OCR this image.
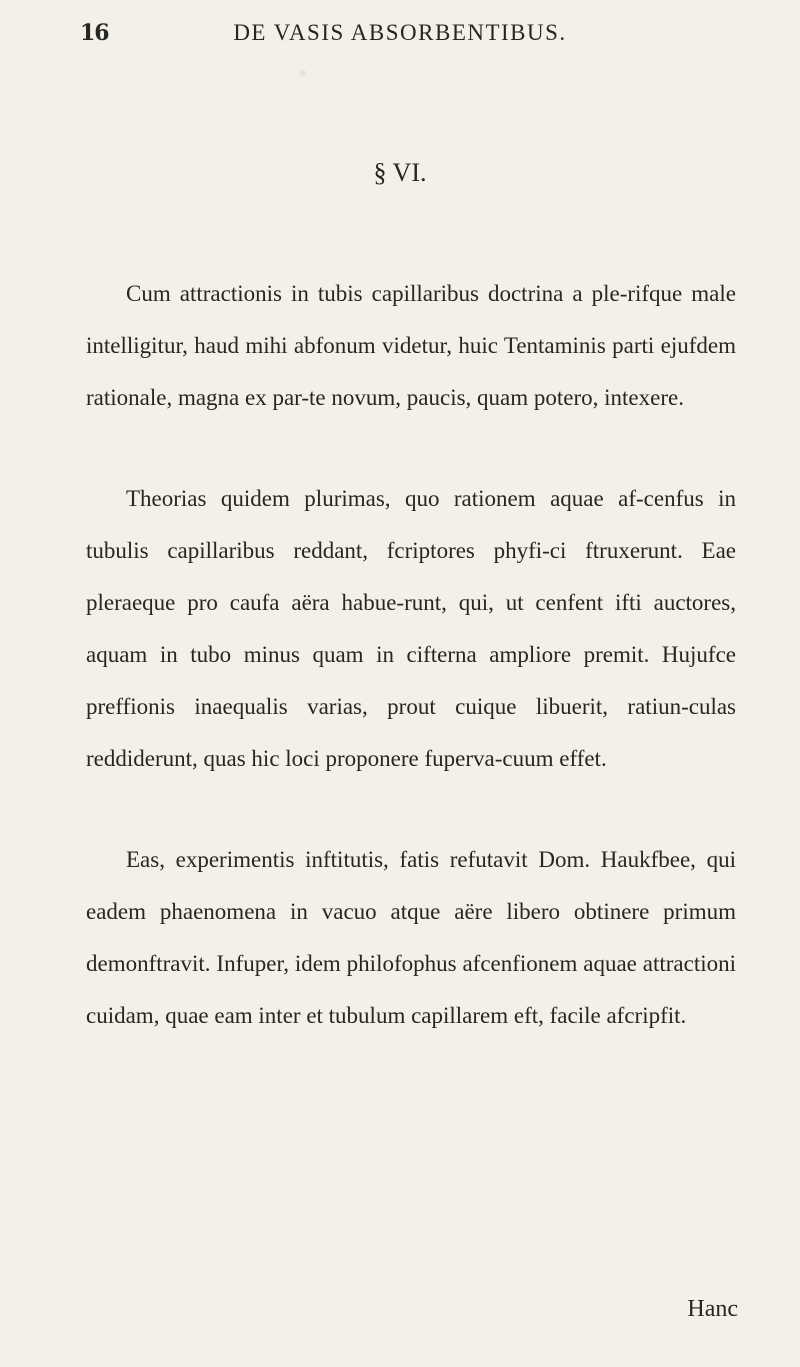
16	DE VASIS ABSORBENTIBUS.
§ VI.

Cum attractionis in tubis capillaribus doctrina a ple-rifque male intelligitur, haud mihi abfonum videtur, huic Tentaminis parti ejufdem rationale, magna ex par-te novum, paucis, quam potero, intexere.

Theorias quidem plurimas, quo rationem aquae af-cenfus in tubulis capillaribus reddant, fcriptores phyfi-ci ftruxerunt. Eae pleraeque pro caufa aëra habue-runt, qui, ut cenfent ifti auctores, aquam in tubo minus quam in cifterna ampliore premit. Hujufce preffionis inaequalis varias, prout cuique libuerit, ratiun-culas reddiderunt, quas hic loci proponere fuperva-cuum effet.

Eas, experimentis inftitutis, fatis refutavit Dom. Haukfbee, qui eadem phaenomena in vacuo atque aëre libero obtinere primum demonftravit. Infuper, idem philofophus afcenfionem aquae attractioni cuidam, quae eam inter et tubulum capillarem eft, facile afcripfit.

Hanc
